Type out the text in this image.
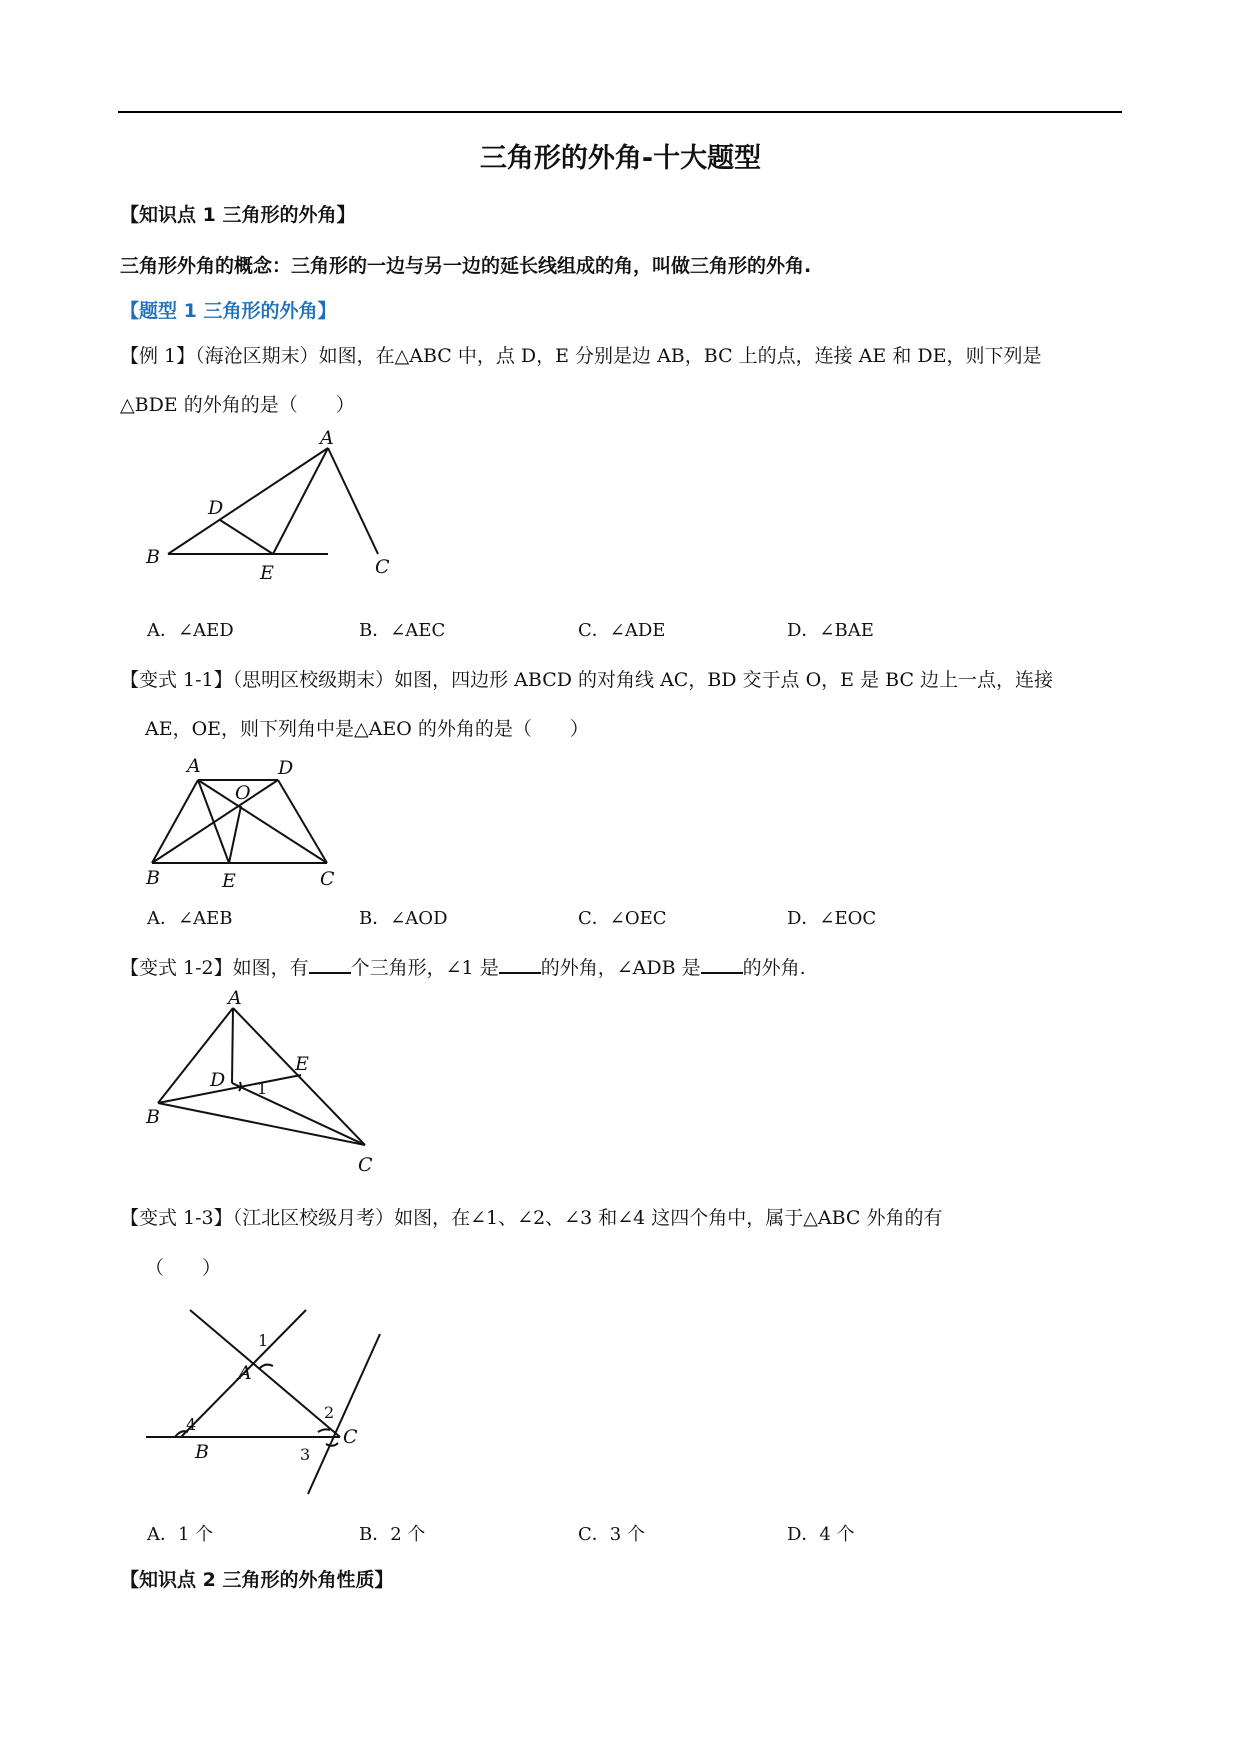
三角形的外角-十大题型
【知识点 1 三角形的外角】
三角形外角的概念：三角形的一边与另一边的延长线组成的角，叫做三角形的外角.
【题型 1 三角形的外角】
【例 1】（海沧区期末）如图，在△ABC 中，点 D，E 分别是边 AB，BC 上的点，连接 AE 和 DE，则下列是
△BDE 的外角的是（　　）
A
B	C
D
E
A．∠AED	B．∠AEC	C．∠ADE	D．∠BAE
【变式 1-1】（思明区校级期末）如图，四边形 ABCD 的对角线 AC，BD 交于点 O，E 是 BC 边上一点，连接
AE，OE，则下列角中是△AEO 的外角的是（　　）
A	D
O
B	E	C
A．∠AEB	B．∠AOD	C．∠OEC	D．∠EOC
【变式 1-2】如图，有 个三角形，∠1 是 的外角，∠ADB 是 的外角.
A
E
D 1
B
C
【变式 1-3】（江北区校级月考）如图，在∠1、∠2、∠3 和∠4 这四个角中，属于△ABC 外角的有
（　　）
1
A
2
4
C
B	3
A．1 个	B．2 个	C．3 个	D．4 个
【知识点 2 三角形的外角性质】
